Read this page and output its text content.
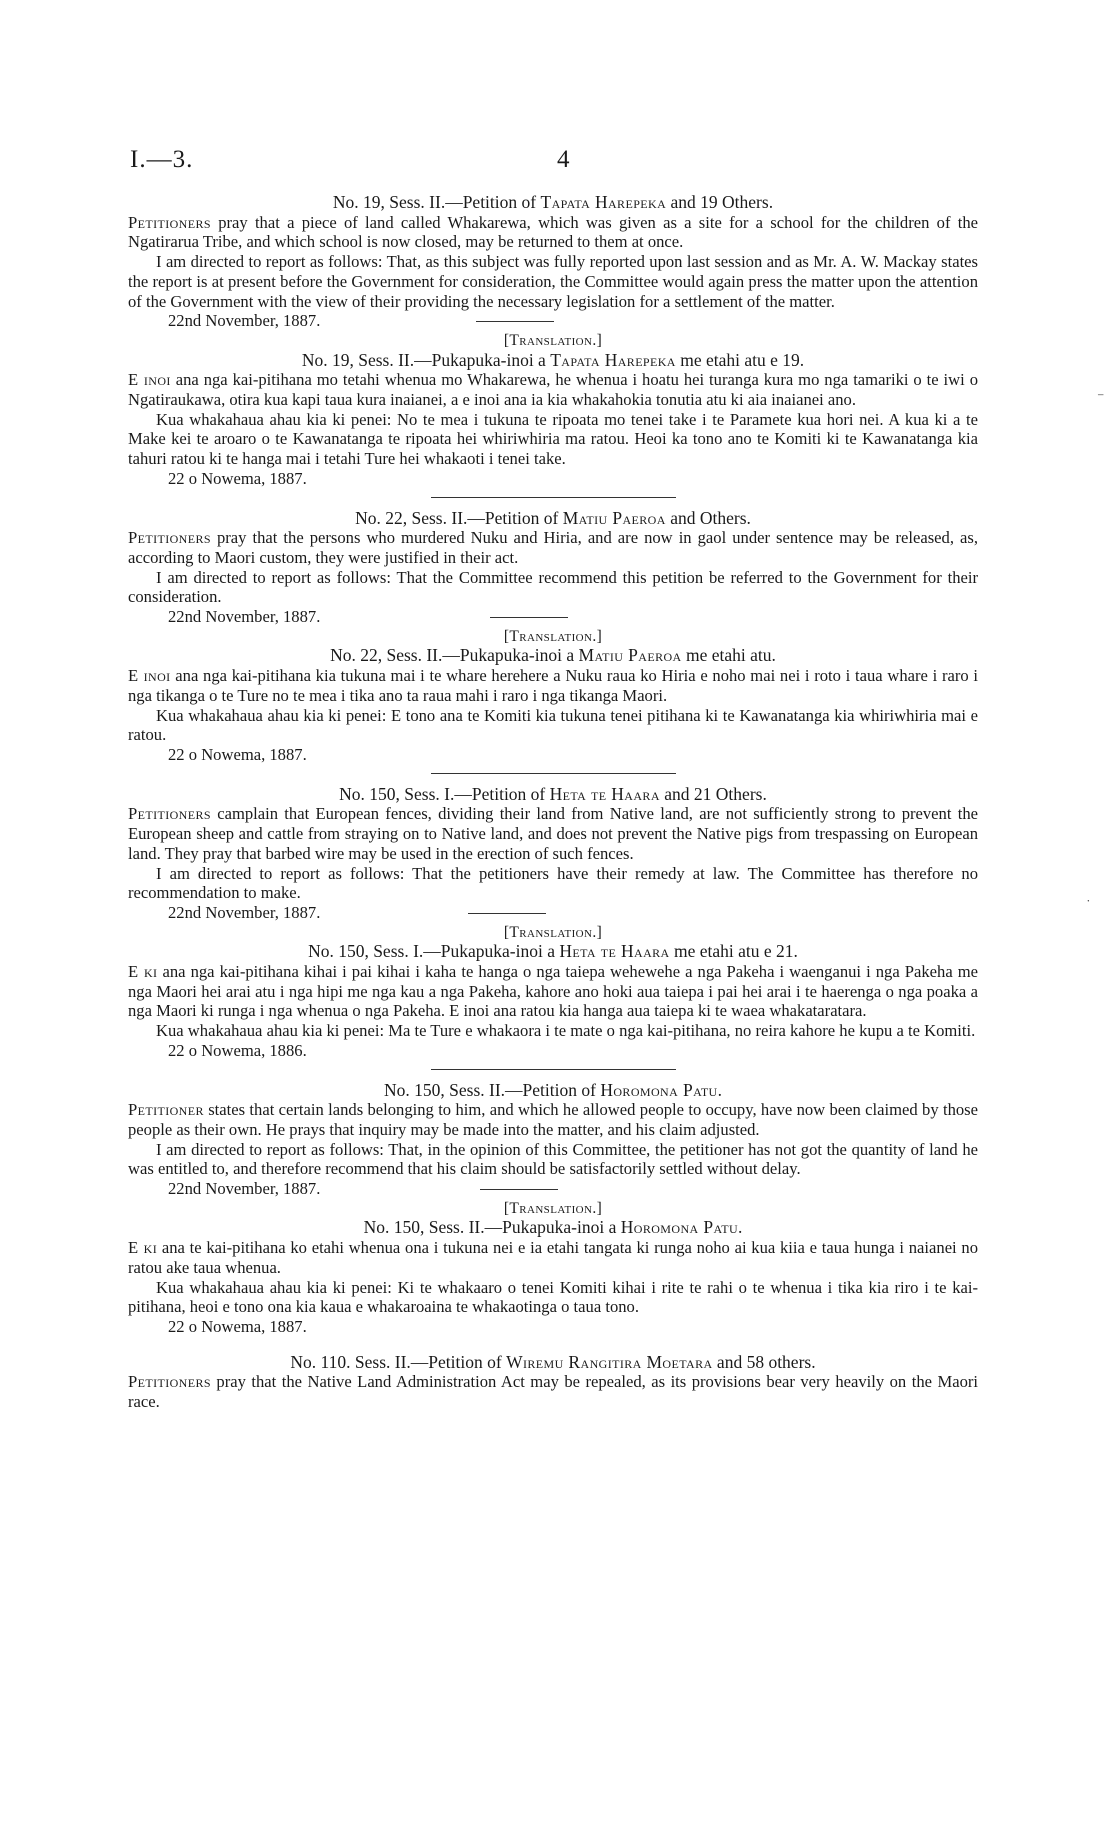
I.—3.	4
⁻
˙

No. 19, Sess. II.—Petition of Tapata Harepeka and 19 Others.

Petitioners pray that a piece of land called Whakarewa, which was given as a site for a school for the children of the Ngatirarua Tribe, and which school is now closed, may be returned to them at once.

I am directed to report as follows: That, as this subject was fully reported upon last session and as Mr. A. W. Mackay states the report is at present before the Government for consideration, the Committee would again press the matter upon the attention of the Government with the view of their providing the necessary legislation for a settlement of the matter.

22nd November, 1887.

[Translation.]

No. 19, Sess. II.—Pukapuka-inoi a Tapata Harepeka me etahi atu e 19.

E inoi ana nga kai-pitihana mo tetahi whenua mo Whakarewa, he whenua i hoatu hei turanga kura mo nga tamariki o te iwi o Ngatiraukawa, otira kua kapi taua kura inaianei, a e inoi ana ia kia whakahokia tonutia atu ki aia inaianei ano.

Kua whakahaua ahau kia ki penei: No te mea i tukuna te ripoata mo tenei take i te Paramete kua hori nei. A kua ki a te Make kei te aroaro o te Kawanatanga te ripoata hei whiriwhiria ma ratou. Heoi ka tono ano te Komiti ki te Kawanatanga kia tahuri ratou ki te hanga mai i tetahi Ture hei whakaoti i tenei take.

22 o Nowema, 1887.

No. 22, Sess. II.—Petition of Matiu Paeroa and Others.

Petitioners pray that the persons who murdered Nuku and Hiria, and are now in gaol under sentence may be released, as, according to Maori custom, they were justified in their act.

I am directed to report as follows: That the Committee recommend this petition be referred to the Government for their consideration.

22nd November, 1887.

[Translation.]

No. 22, Sess. II.—Pukapuka-inoi a Matiu Paeroa me etahi atu.

E inoi ana nga kai-pitihana kia tukuna mai i te whare herehere a Nuku raua ko Hiria e noho mai nei i roto i taua whare i raro i nga tikanga o te Ture no te mea i tika ano ta raua mahi i raro i nga tikanga Maori.

Kua whakahaua ahau kia ki penei: E tono ana te Komiti kia tukuna tenei pitihana ki te Kawanatanga kia whiriwhiria mai e ratou.

22 o Nowema, 1887.

No. 150, Sess. I.—Petition of Heta te Haara and 21 Others.

Petitioners camplain that European fences, dividing their land from Native land, are not sufficiently strong to prevent the European sheep and cattle from straying on to Native land, and does not prevent the Native pigs from trespassing on European land. They pray that barbed wire may be used in the erection of such fences.

I am directed to report as follows: That the petitioners have their remedy at law. The Committee has therefore no recommendation to make.

22nd November, 1887.

[Translation.]

No. 150, Sess. I.—Pukapuka-inoi a Heta te Haara me etahi atu e 21.

E ki ana nga kai-pitihana kihai i pai kihai i kaha te hanga o nga taiepa wehewehe a nga Pakeha i waenganui i nga Pakeha me nga Maori hei arai atu i nga hipi me nga kau a nga Pakeha, kahore ano hoki aua taiepa i pai hei arai i te haerenga o nga poaka a nga Maori ki runga i nga whenua o nga Pakeha. E inoi ana ratou kia hanga aua taiepa ki te waea whakataratara.

Kua whakahaua ahau kia ki penei: Ma te Ture e whakaora i te mate o nga kai-pitihana, no reira kahore he kupu a te Komiti.

22 o Nowema, 1886.

No. 150, Sess. II.—Petition of Horomona Patu.

Petitioner states that certain lands belonging to him, and which he allowed people to occupy, have now been claimed by those people as their own. He prays that inquiry may be made into the matter, and his claim adjusted.

I am directed to report as follows: That, in the opinion of this Committee, the petitioner has not got the quantity of land he was entitled to, and therefore recommend that his claim should be satisfactorily settled without delay.

22nd November, 1887.

[Translation.]

No. 150, Sess. II.—Pukapuka-inoi a Horomona Patu.

E ki ana te kai-pitihana ko etahi whenua ona i tukuna nei e ia etahi tangata ki runga noho ai kua kiia e taua hunga i naianei no ratou ake taua whenua.

Kua whakahaua ahau kia ki penei: Ki te whakaaro o tenei Komiti kihai i rite te rahi o te whenua i tika kia riro i te kai-pitihana, heoi e tono ona kia kaua e whakaroaina te whakaotinga o taua tono.

22 o Nowema, 1887.

No. 110. Sess. II.—Petition of Wiremu Rangitira Moetara and 58 others.

Petitioners pray that the Native Land Administration Act may be repealed, as its provisions bear very heavily on the Maori race.
